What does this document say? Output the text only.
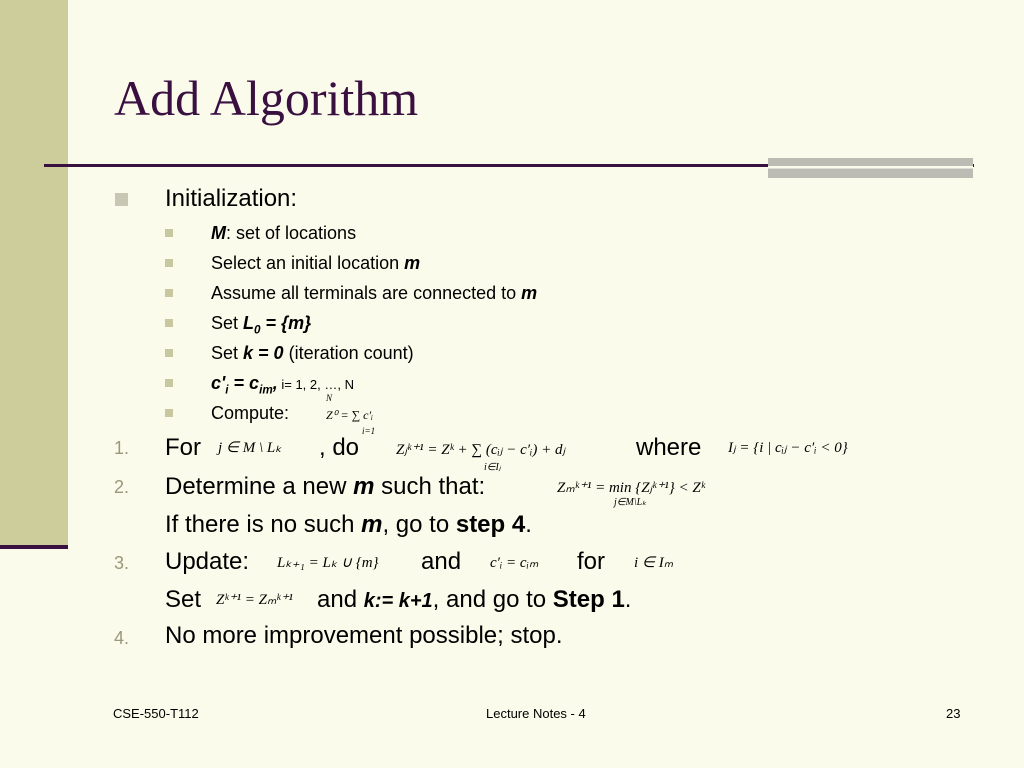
Add Algorithm
Initialization:
M: set of locations
Select an initial location m
Assume all terminals are connected to m
Set $L_0 = \{m\}$
Set k = 0 (iteration count)
$c'_i = c_{im}$, i= 1, 2, …, N
Compute:
N
Z⁰ = ∑ c′ᵢ
i=1
1. For j ∈ M \ Lₖ , do Zⱼᵏ⁺¹ = Zᵏ + ∑ (cᵢⱼ − c′ᵢ) + dⱼ
i∈Iⱼ
where Iⱼ = {i | cᵢⱼ − c′ᵢ < 0}
2. Determine a new m such that:	Zₘᵏ⁺¹ = min {Zⱼᵏ⁺¹} < Zᵏ
j∈M\Lₖ
If there is no such m, go to step 4.
3. Update: Lₖ₊₁ = Lₖ ∪ {m} and c′ᵢ = cᵢₘ for i ∈ Iₘ
Set Zᵏ⁺¹ = Zₘᵏ⁺¹ and k:= k+1, and go to Step 1.
4. No more improvement possible; stop.
CSE-550-T112	Lecture Notes - 4	23
